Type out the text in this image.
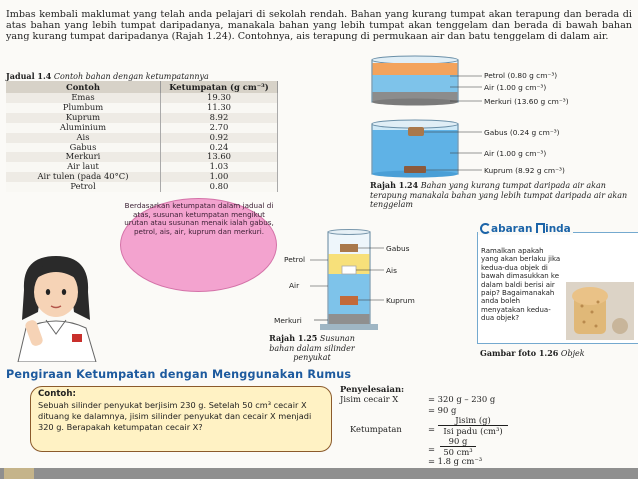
Imbas kembali maklumat yang telah anda pelajari di sekolah rendah. Bahan yang kurang tumpat akan terapung dan berada di atas bahan yang lebih tumpat daripadanya, manakala bahan yang lebih tumpat akan tenggelam dan berada di bawah bahan yang kurang tumpat daripadanya (Rajah 1.24). Contohnya, ais terapung di permukaan air dan batu tenggelam di dalam air.
Jadual 1.4 Contoh bahan dengan ketumpatannya
Contoh	Ketumpatan (g cm⁻³)
Emas	19.30
Plumbum	11.30
Kuprum	8.92
Aluminium	2.70
Ais	0.92
Gabus	0.24
Merkuri	13.60
Air laut	1.03
Air tulen (pada 40°C)	1.00
Petrol	0.80
Petrol (0.80 g cm⁻³)
Air (1.00 g cm⁻³)
Merkuri (13.60 g cm⁻³)
Gabus (0.24 g cm⁻³)
Air (1.00 g cm⁻³)
Kuprum (8.92 g cm⁻³)
Rajah 1.24 Bahan yang kurang tumpat daripada air akan terapung manakala bahan yang lebih tumpat daripada air akan tenggelam
Berdasarkan ketumpatan dalam jadual di atas, susunan ketumpatan mengikut urutan atau susunan menaik ialah gabus, petrol, ais, air, kuprum dan merkuri.
Gabus
Petrol
Ais
Air
Kuprum
Merkuri
Rajah 1.25 Susunan bahan dalam silinder penyukat
abaran inda
Ramalkan apakah yang akan berlaku jika kedua-dua objek di bawah dimasukkan ke dalam baldi berisi air paip? Bagaimanakah anda boleh menyatakan kedua-dua objek?
Gambar foto 1.26 Objek
Pengiraan Ketumpatan dengan Menggunakan Rumus
Contoh:
Sebuah silinder penyukat berjisim 230 g. Setelah 50 cm³ cecair X dituang ke dalamnya, jisim silinder penyukat dan cecair X menjadi 320 g. Berapakah ketumpatan cecair X?
Penyelesaian:
Jisim cecair X	= 320 g – 230 g
= 90 g
Ketumpatan	=
Jisim (g)
Isi padu (cm³)
= $\frac{90 g}{\text{50 cm³}}$
= 1.8 g cm⁻³
